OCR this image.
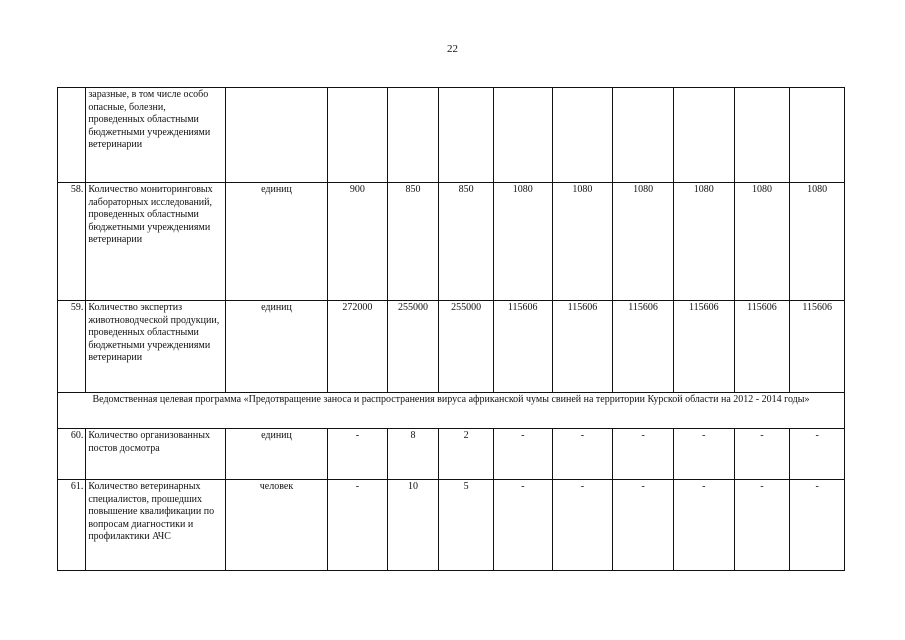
22
	заразные, в том числе особо опасные, болезни, проведенных областными бюджетными учреждениями ветеринарии										
58.	Количество мониторинговых лабораторных исследований, проведенных областными бюджетными учреждениями ветеринарии	единиц	900	850	850	1080	1080	1080	1080	1080	1080
59.	Количество экспертиз животноводческой продукции, проведенных областными бюджетными учреждениями ветеринарии	единиц	272000	255000	255000	115606	115606	115606	115606	115606	115606
Ведомственная целевая программа «Предотвращение заноса и распространения вируса африканской чумы свиней на территории Курской области на 2012 - 2014 годы»											
60.	Количество организованных постов досмотра	единиц	-	8	2	-	-	-	-	-	-
61.	Количество ветеринарных специалистов, прошедших повышение квалификации по вопросам диагностики и профилактики АЧС	человек	-	10	5	-	-	-	-	-	-
